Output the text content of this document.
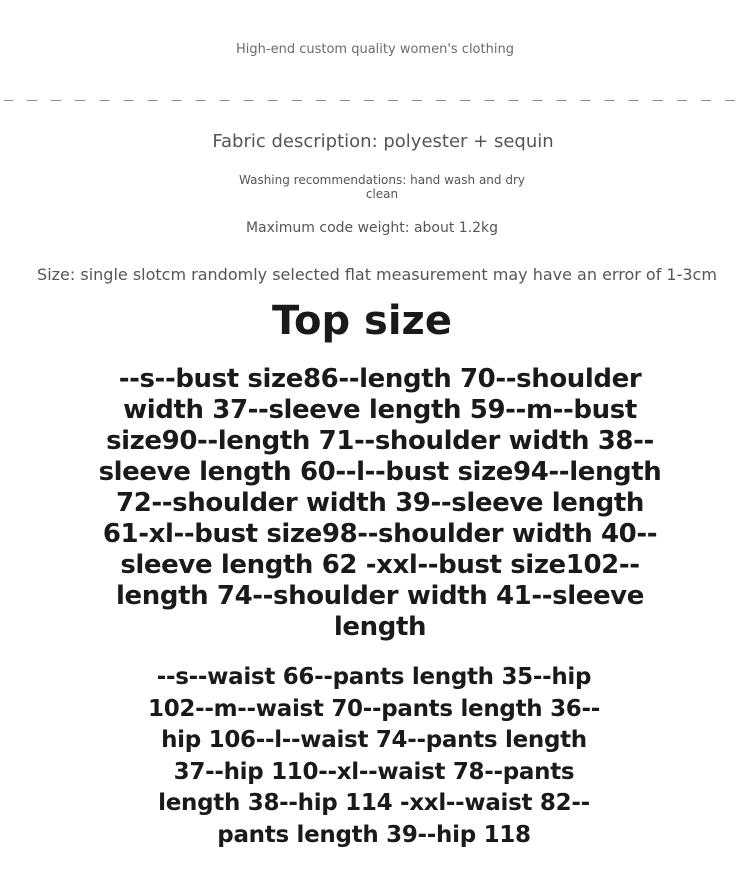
High-end custom quality women's clothing
Fabric description: polyester + sequin
Washing recommendations: hand wash and dry clean
Maximum code weight: about 1.2kg
Size: single slotcm randomly selected flat measurement may have an error of 1-3cm
Top size
--s--bust size86--length 70--shoulder width 37--sleeve length 59--m--bust size90--length 71--shoulder width 38--sleeve length 60--l--bust size94--length 72--shoulder width 39--sleeve length 61-xl--bust size98--shoulder width 40--sleeve length 62 -xxl--bust size102--length 74--shoulder width 41--sleeve length
--s--waist 66--pants length 35--hip 102--m--waist 70--pants length 36--hip 106--l--waist 74--pants length 37--hip 110--xl--waist 78--pants length 38--hip 114 -xxl--waist 82--pants length 39--hip 118
